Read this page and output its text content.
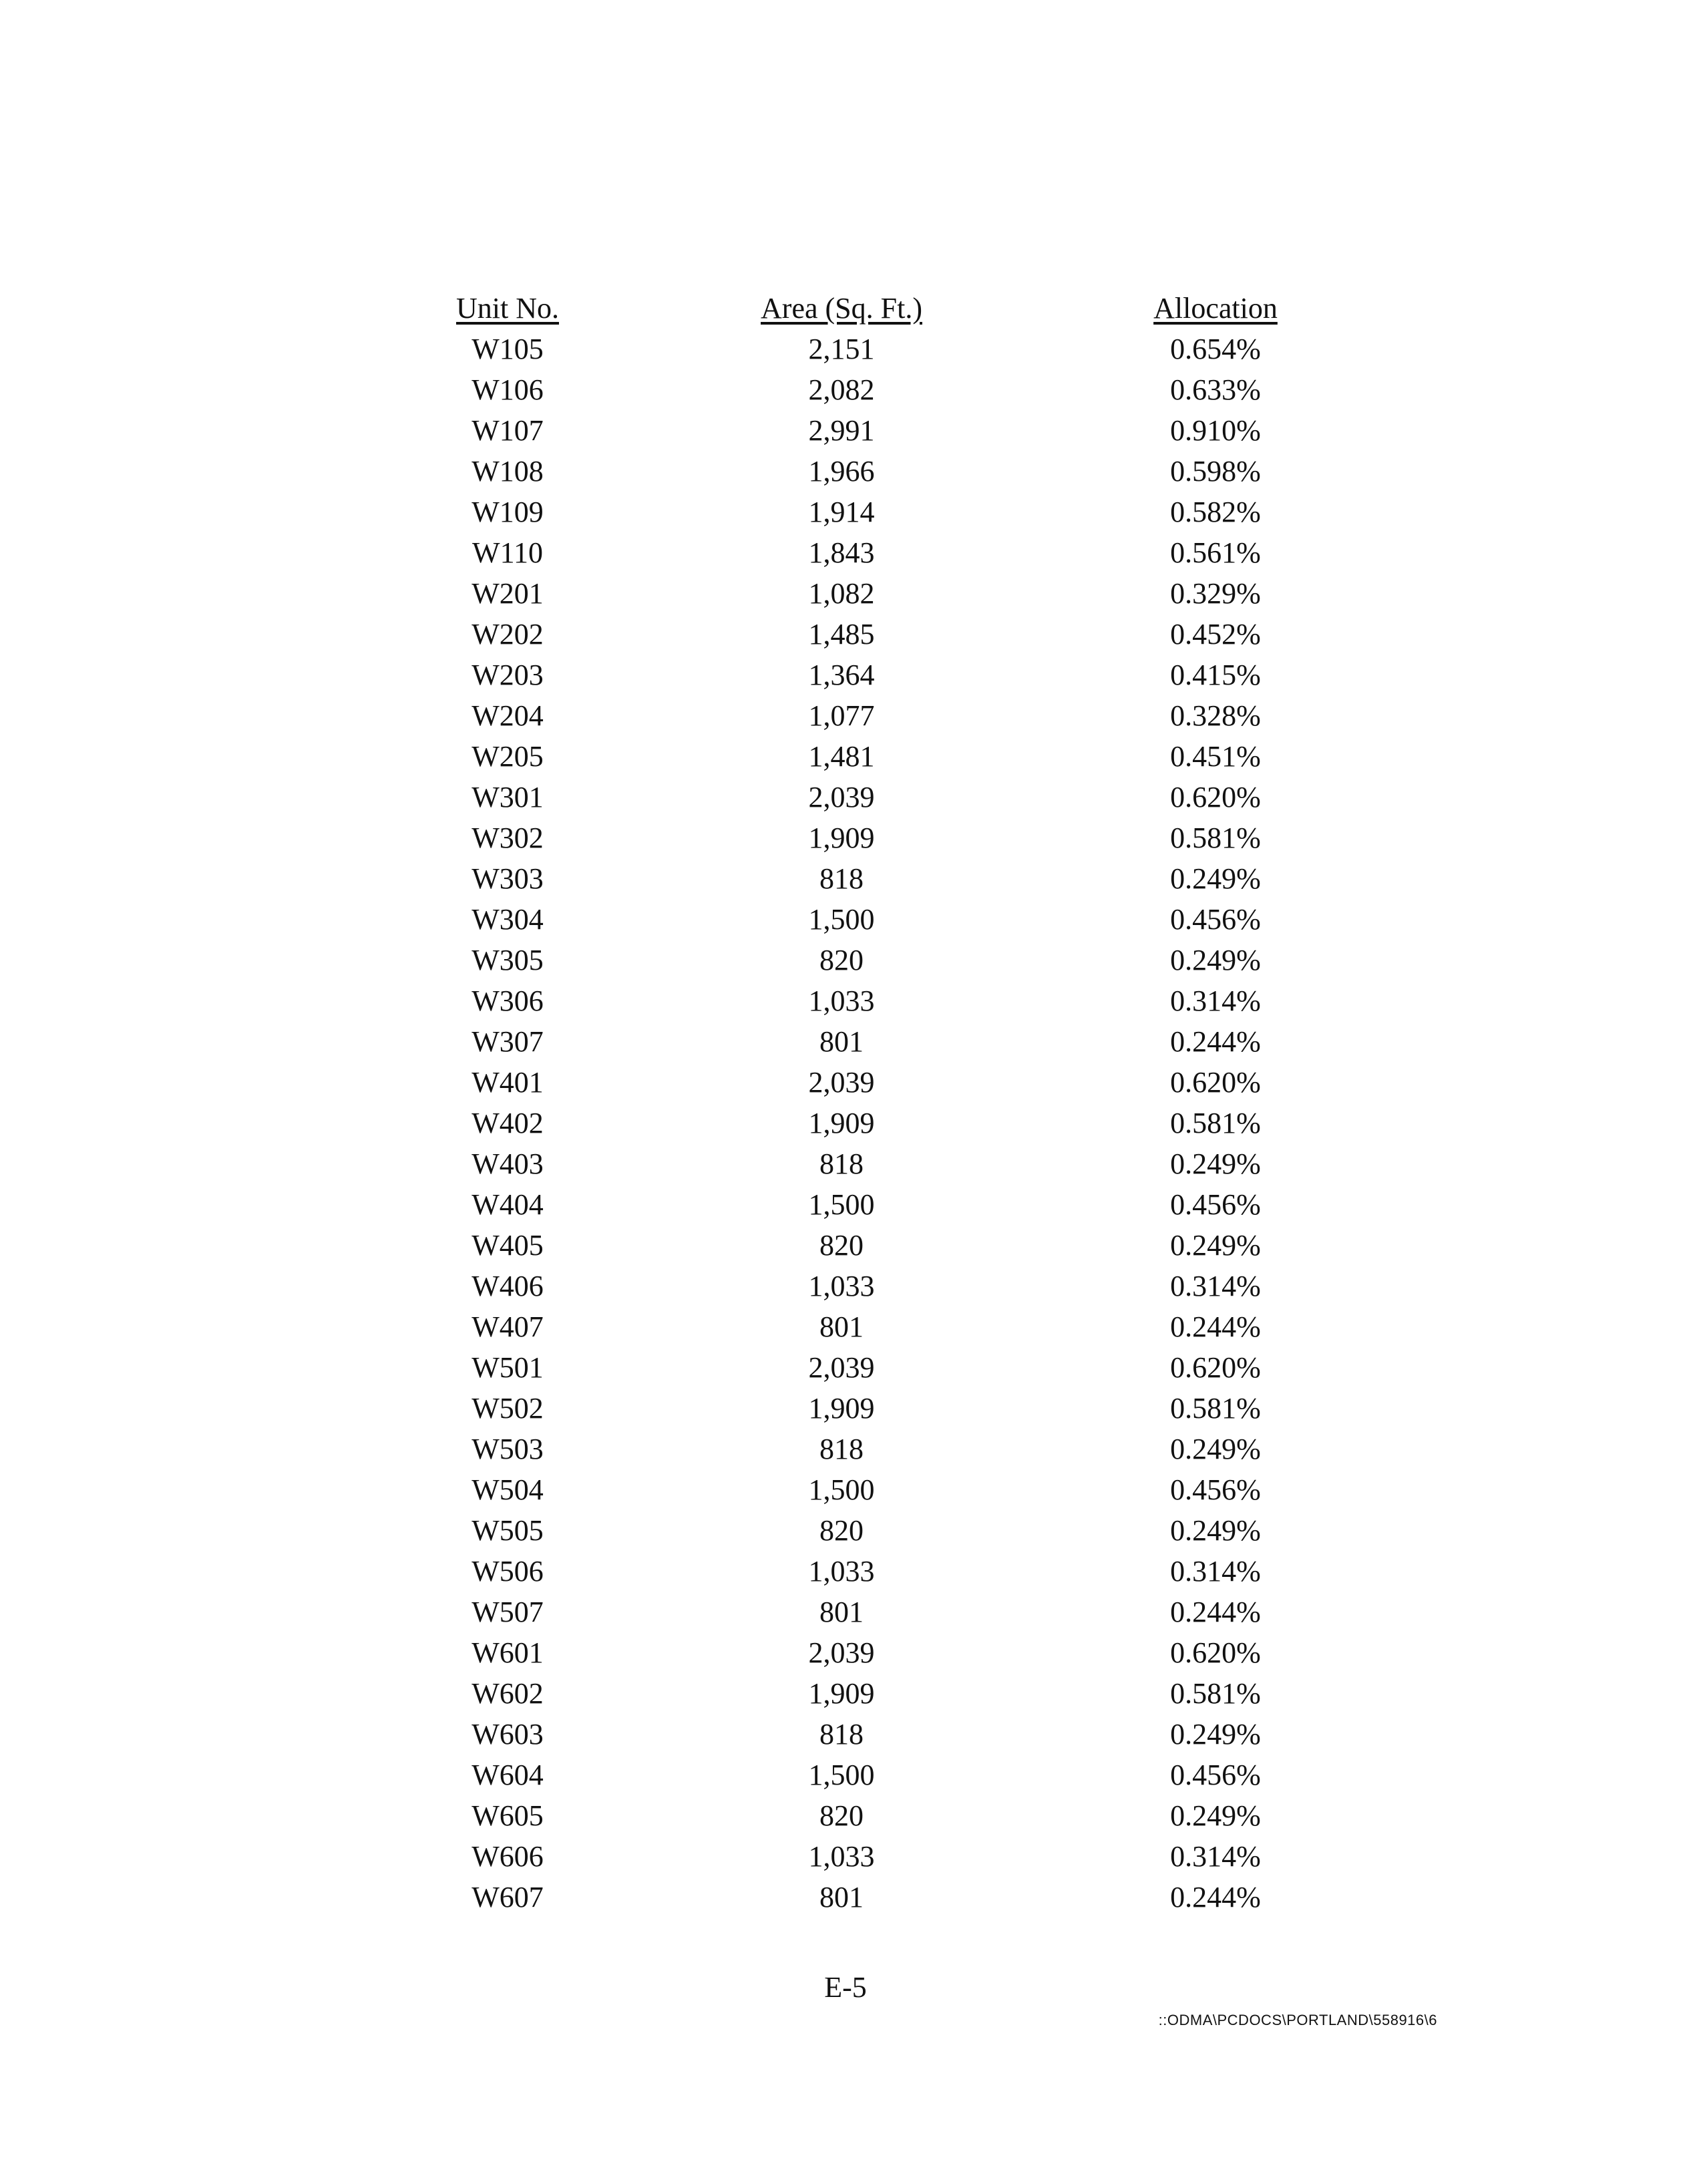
Unit No.	Area (Sq. Ft.)	Allocation
W105	2,151	0.654%
W106	2,082	0.633%
W107	2,991	0.910%
W108	1,966	0.598%
W109	1,914	0.582%
W110	1,843	0.561%
W201	1,082	0.329%
W202	1,485	0.452%
W203	1,364	0.415%
W204	1,077	0.328%
W205	1,481	0.451%
W301	2,039	0.620%
W302	1,909	0.581%
W303	818	0.249%
W304	1,500	0.456%
W305	820	0.249%
W306	1,033	0.314%
W307	801	0.244%
W401	2,039	0.620%
W402	1,909	0.581%
W403	818	0.249%
W404	1,500	0.456%
W405	820	0.249%
W406	1,033	0.314%
W407	801	0.244%
W501	2,039	0.620%
W502	1,909	0.581%
W503	818	0.249%
W504	1,500	0.456%
W505	820	0.249%
W506	1,033	0.314%
W507	801	0.244%
W601	2,039	0.620%
W602	1,909	0.581%
W603	818	0.249%
W604	1,500	0.456%
W605	820	0.249%
W606	1,033	0.314%
W607	801	0.244%
E-5
::ODMA\PCDOCS\PORTLAND\558916\6
